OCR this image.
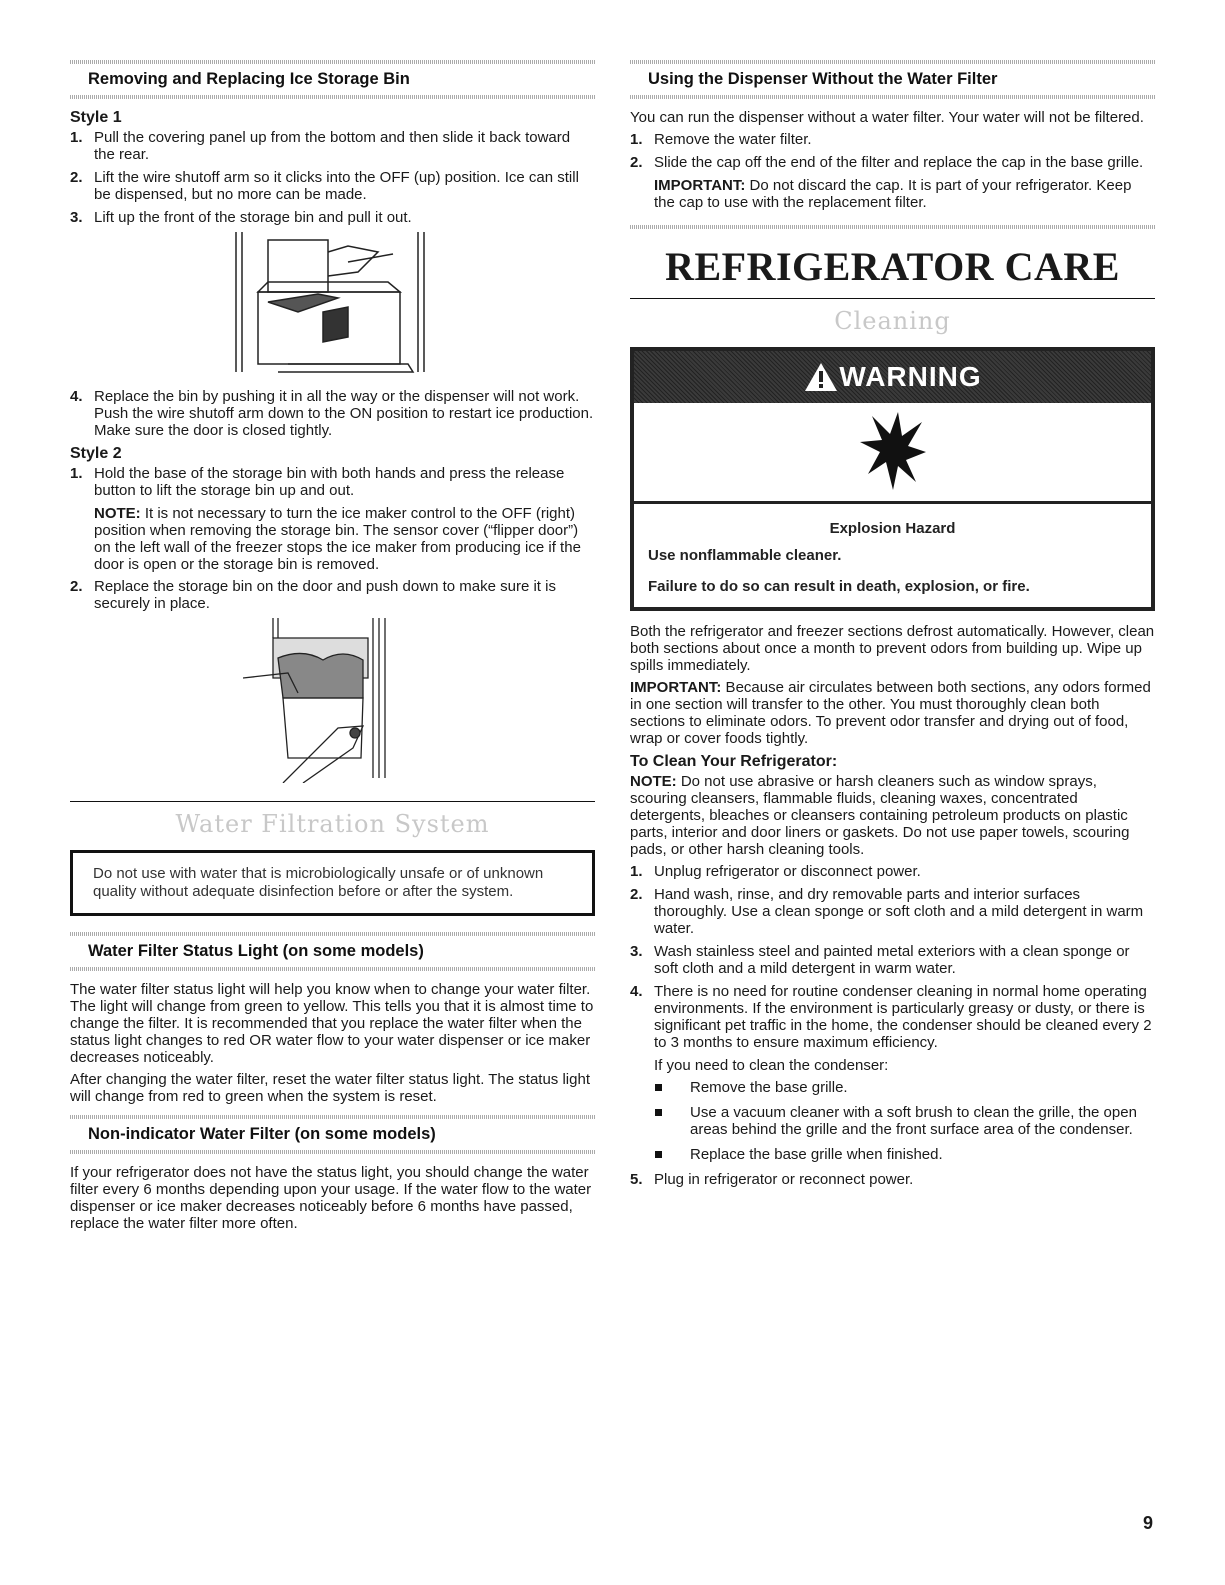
Removing and Replacing Ice Storage Bin
Style 1
1. Pull the covering panel up from the bottom and then slide it back toward the rear.
2. Lift the wire shutoff arm so it clicks into the OFF (up) position. Ice can still be dispensed, but no more can be made.
3. Lift up the front of the storage bin and pull it out.
4. Replace the bin by pushing it in all the way or the dispenser will not work. Push the wire shutoff arm down to the ON position to restart ice production. Make sure the door is closed tightly.
Style 2
1. Hold the base of the storage bin with both hands and press the release button to lift the storage bin up and out.

NOTE: It is not necessary to turn the ice maker control to the OFF (right) position when removing the storage bin. The sensor cover (“flipper door”) on the left wall of the freezer stops the ice maker from producing ice if the door is open or the storage bin is removed.

2. Replace the storage bin on the door and push down to make sure it is securely in place.
Water Filtration System

Do not use with water that is microbiologically unsafe or of unknown quality without adequate disinfection before or after the system.

Water Filter Status Light (on some models)

The water filter status light will help you know when to change your water filter. The light will change from green to yellow. This tells you that it is almost time to change the filter. It is recommended that you replace the water filter when the status light changes to red OR water flow to your water dispenser or ice maker decreases noticeably.

After changing the water filter, reset the water filter status light. The status light will change from red to green when the system is reset.

Non-indicator Water Filter (on some models)

If your refrigerator does not have the status light, you should change the water filter every 6 months depending upon your usage. If the water flow to the water dispenser or ice maker decreases noticeably before 6 months have passed, replace the water filter more often.

Using the Dispenser Without the Water Filter

You can run the dispenser without a water filter. Your water will not be filtered.

1. Remove the water filter.
2. Slide the cap off the end of the filter and replace the cap in the base grille.

IMPORTANT: Do not discard the cap. It is part of your refrigerator. Keep the cap to use with the replacement filter.

REFRIGERATOR CARE
Cleaning
WARNING
Explosion Hazard
Use nonflammable cleaner.
Failure to do so can result in death, explosion, or fire.

Both the refrigerator and freezer sections defrost automatically. However, clean both sections about once a month to prevent odors from building up. Wipe up spills immediately.

IMPORTANT: Because air circulates between both sections, any odors formed in one section will transfer to the other. You must thoroughly clean both sections to eliminate odors. To prevent odor transfer and drying out of food, wrap or cover foods tightly.

To Clean Your Refrigerator:

NOTE: Do not use abrasive or harsh cleaners such as window sprays, scouring cleansers, flammable fluids, cleaning waxes, concentrated detergents, bleaches or cleansers containing petroleum products on plastic parts, interior and door liners or gaskets. Do not use paper towels, scouring pads, or other harsh cleaning tools.

1. Unplug refrigerator or disconnect power.
2. Hand wash, rinse, and dry removable parts and interior surfaces thoroughly. Use a clean sponge or soft cloth and a mild detergent in warm water.
3. Wash stainless steel and painted metal exteriors with a clean sponge or soft cloth and a mild detergent in warm water.
4. There is no need for routine condenser cleaning in normal home operating environments. If the environment is particularly greasy or dusty, or there is significant pet traffic in the home, the condenser should be cleaned every 2 to 3 months to ensure maximum efficiency.

If you need to clean the condenser:

Remove the base grille.
Use a vacuum cleaner with a soft brush to clean the grille, the open areas behind the grille and the front surface area of the condenser.
Replace the base grille when finished.
5. Plug in refrigerator or reconnect power.
9
